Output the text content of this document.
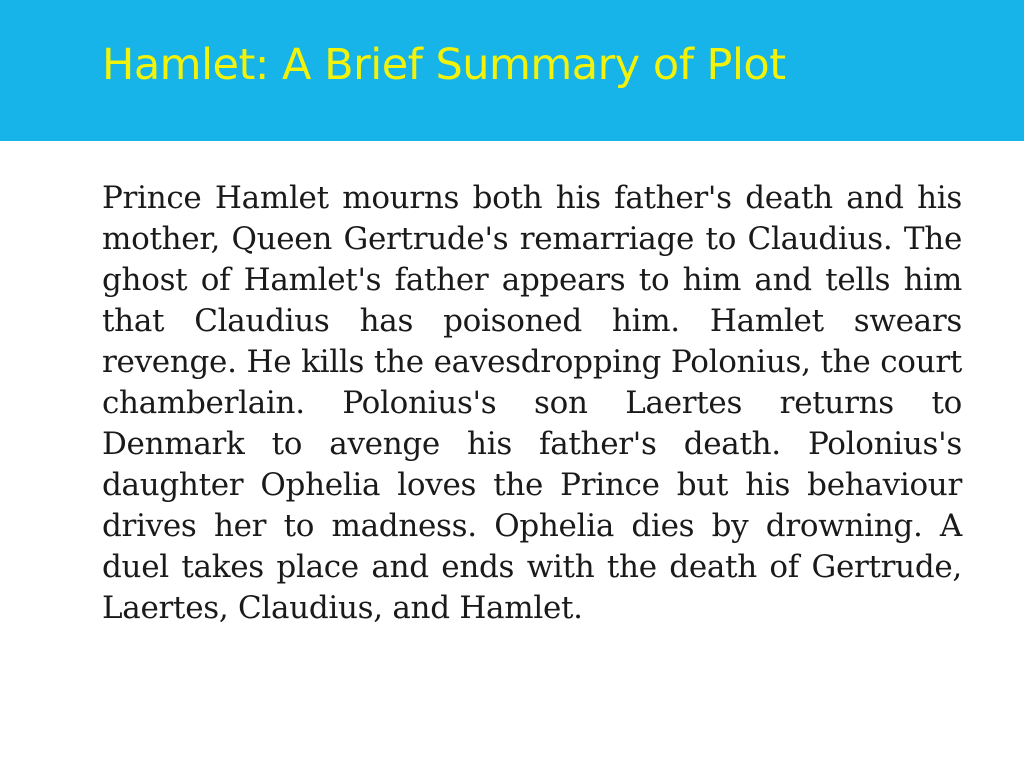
Hamlet: A Brief Summary of Plot

Prince Hamlet mourns both his father's death and his mother, Queen Gertrude's remarriage to Claudius. The ghost of Hamlet's father appears to him and tells him that Claudius has poisoned him. Hamlet swears revenge. He kills the eavesdropping Polonius, the court chamberlain. Polonius's son Laertes returns to Denmark to avenge his father's death. Polonius's daughter Ophelia loves the Prince but his behaviour drives her to madness. Ophelia dies by drowning. A duel takes place and ends with the death of Gertrude, Laertes, Claudius, and Hamlet.
